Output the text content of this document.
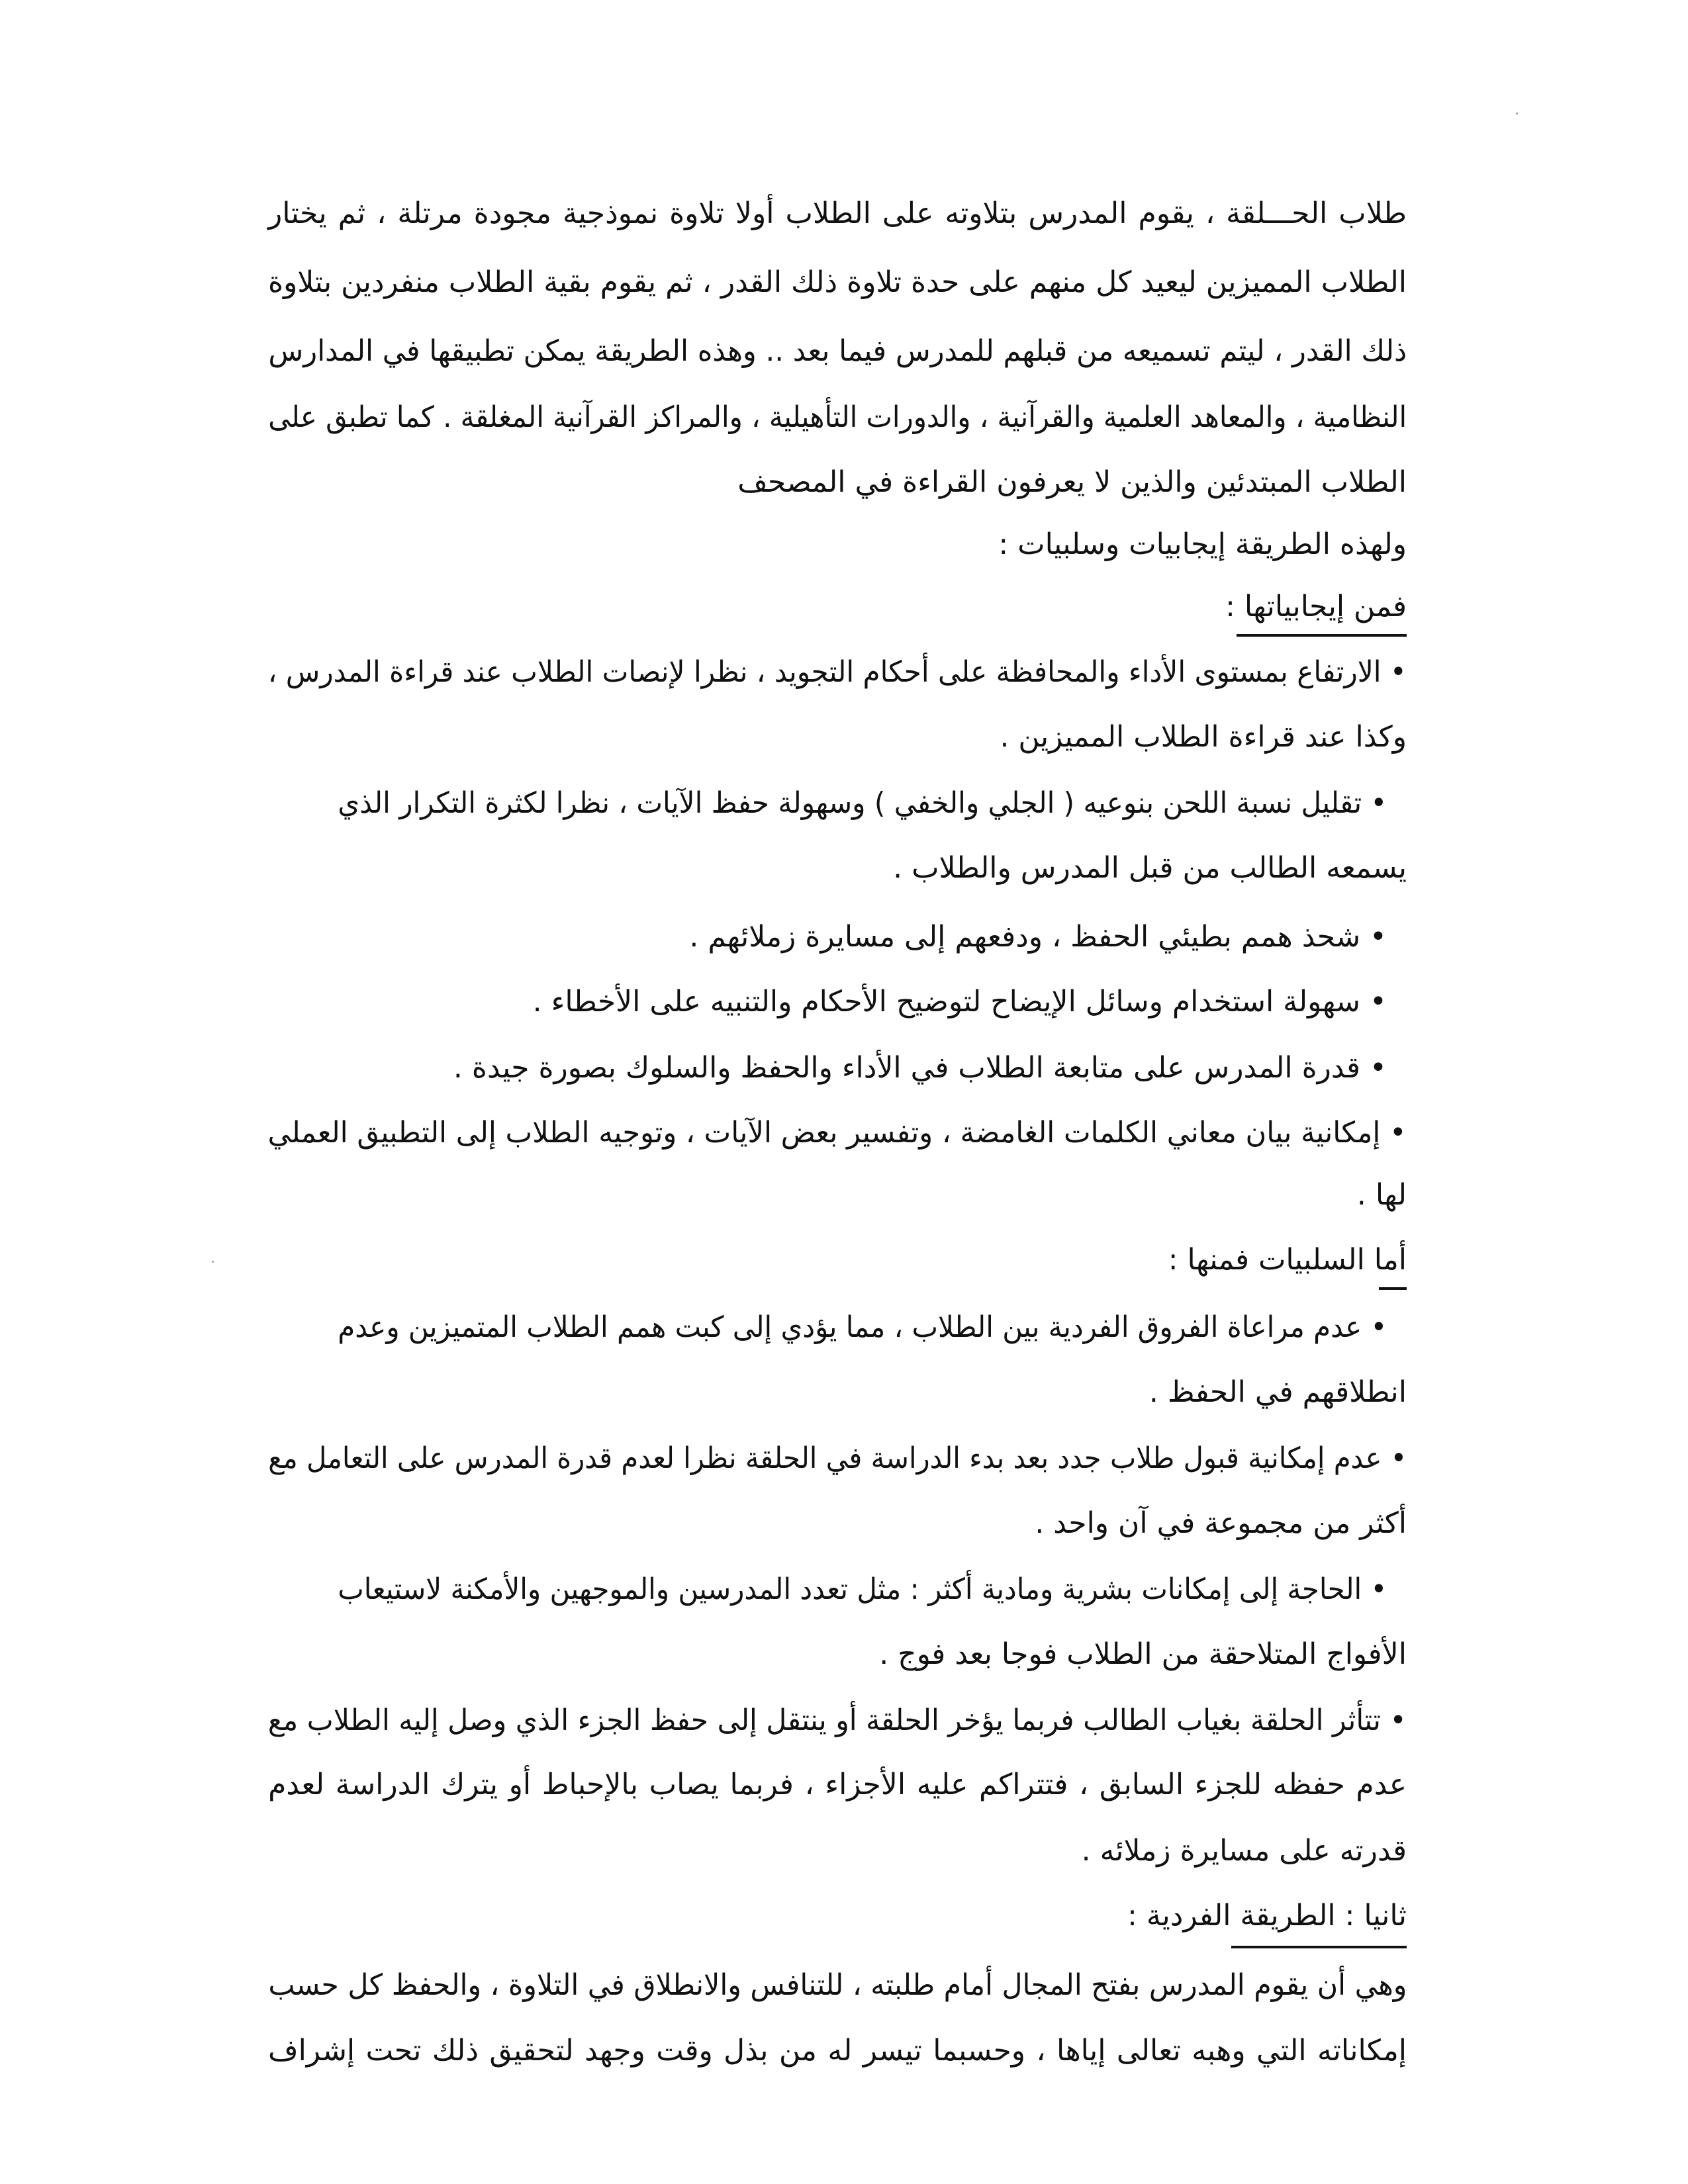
طلاب الحـــلقة ، يقوم المدرس بتلاوته على الطلاب أولا تلاوة نموذجية مجودة مرتلة ، ثم يختار
الطلاب المميزين ليعيد كل منهم على حدة تلاوة ذلك القدر ، ثم يقوم بقية الطلاب منفردين بتلاوة
ذلك القدر ، ليتم تسميعه من قبلهم للمدرس فيما بعد .. وهذه الطريقة يمكن تطبيقها في المدارس
النظامية ، والمعاهد العلمية والقرآنية ، والدورات التأهيلية ، والمراكز القرآنية المغلقة . كما تطبق على
الطلاب المبتدئين والذين لا يعرفون القراءة في المصحف
ولهذه الطريقة إيجابيات وسلبيات :
فمن إيجابياتها :
• الارتفاع بمستوى الأداء والمحافظة على أحكام التجويد ، نظرا لإنصات الطلاب عند قراءة المدرس ،
وكذا عند قراءة الطلاب المميزين .
• تقليل نسبة اللحن بنوعيه ( الجلي والخفي ) وسهولة حفظ الآيات ، نظرا لكثرة التكرار الذي
يسمعه الطالب من قبل المدرس والطلاب .
• شحذ همم بطيئي الحفظ ، ودفعهم إلى مسايرة زملائهم .
• سهولة استخدام وسائل الإيضاح لتوضيح الأحكام والتنبيه على الأخطاء .
• قدرة المدرس على متابعة الطلاب في الأداء والحفظ والسلوك بصورة جيدة .
• إمكانية بيان معاني الكلمات الغامضة ، وتفسير بعض الآيات ، وتوجيه الطلاب إلى التطبيق العملي
لها .
أما السلبيات فمنها :
• عدم مراعاة الفروق الفردية بين الطلاب ، مما يؤدي إلى كبت همم الطلاب المتميزين وعدم
انطلاقهم في الحفظ .
• عدم إمكانية قبول طلاب جدد بعد بدء الدراسة في الحلقة نظرا لعدم قدرة المدرس على التعامل مع
أكثر من مجموعة في آن واحد .
• الحاجة إلى إمكانات بشرية ومادية أكثر : مثل تعدد المدرسين والموجهين والأمكنة لاستيعاب
الأفواج المتلاحقة من الطلاب فوجا بعد فوج .
• تتأثر الحلقة بغياب الطالب فربما يؤخر الحلقة أو ينتقل إلى حفظ الجزء الذي وصل إليه الطلاب مع
عدم حفظه للجزء السابق ، فتتراكم عليه الأجزاء ، فربما يصاب بالإحباط أو يترك الدراسة لعدم
قدرته على مسايرة زملائه .
ثانيا : الطريقة الفردية :
وهي أن يقوم المدرس بفتح المجال أمام طلبته ، للتنافس والانطلاق في التلاوة ، والحفظ كل حسب
إمكاناته التي وهبه تعالى إياها ، وحسبما تيسر له من بذل وقت وجهد لتحقيق ذلك تحت إشراف
